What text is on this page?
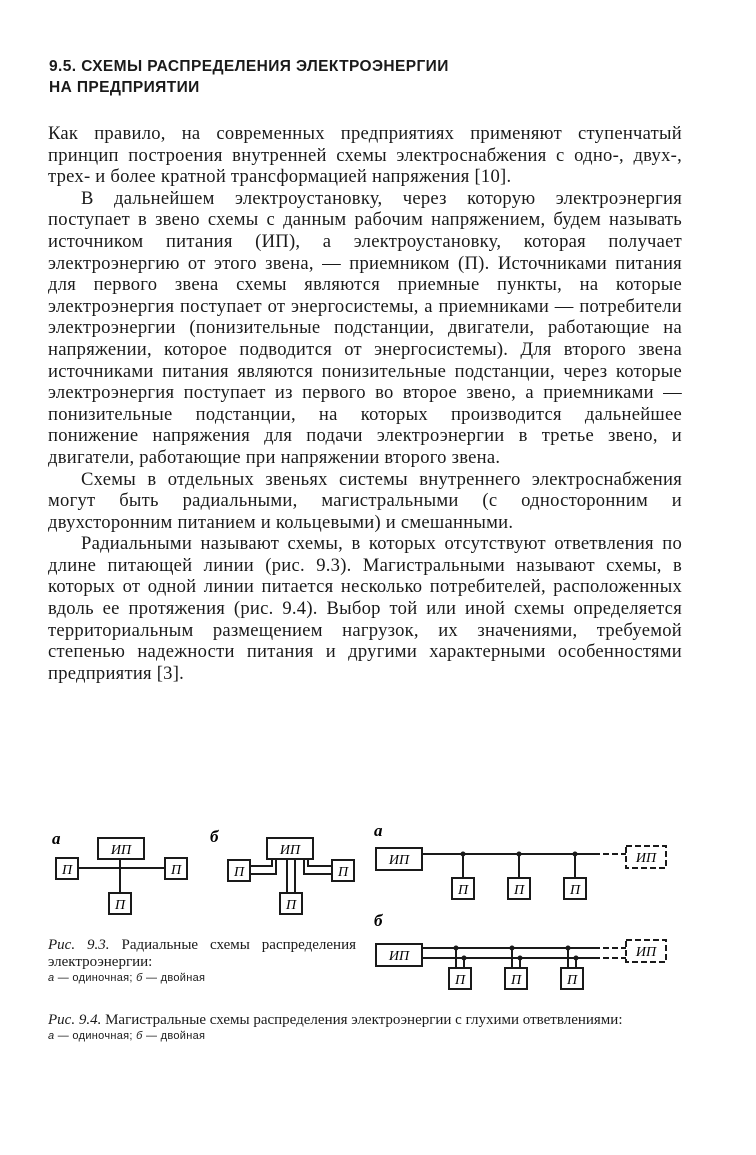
9.5. СХЕМЫ РАСПРЕДЕЛЕНИЯ ЭЛЕКТРОЭНЕРГИИ
НА ПРЕДПРИЯТИИ

Как правило, на современных предприятиях применяют ступенчатый принцип построения внутренней схемы электроснабжения с одно-, двух-, трех- и более кратной трансформацией напряжения [10].

В дальнейшем электроустановку, через которую электроэнергия поступает в звено схемы с данным рабочим напряжением, будем называть источником питания (ИП), а электроустановку, которая получает электроэнергию от этого звена, — приемником (П). Источниками питания для первого звена схемы являются приемные пункты, на которые электроэнергия поступает от энергосистемы, а приемниками — потребители электроэнергии (понизительные подстанции, двигатели, работающие на напряжении, которое подводится от энергосистемы). Для второго звена источниками питания являются понизительные подстанции, через которые электроэнергия поступает из первого во второе звено, а приемниками — понизительные подстанции, на которых производится дальнейшее понижение напряжения для подачи электроэнергии в третье звено, и двигатели, работающие при напряжении второго звена.

Схемы в отдельных звеньях системы внутреннего электроснабжения могут быть радиальными, магистральными (с односторонним и двухсторонним питанием и кольцевыми) и смешанными.

Радиальными называют схемы, в которых отсутствуют ответвления по длине питающей линии (рис. 9.3). Магистральными называют схемы, в которых от одной линии питается несколько потребителей, расположенных вдоль ее протяжения (рис. 9.4). Выбор той или иной схемы определяется территориальным размещением нагрузок, их значениями, требуемой степенью надежности питания и другими характерными особенностями предприятия [3].

а
ИП
П	П
П
б
ИП
П	П
П
а
ИП	ИП
П	П	П
Рис. 9.3. Радиальные схемы распределения электроэнергии:
а — одиночная; б — двойная
б
ИП	ИП
П	П	П
Рис. 9.4. Магистральные схемы распределения электроэнергии с глухими ответвлениями:
а — одиночная; б — двойная
